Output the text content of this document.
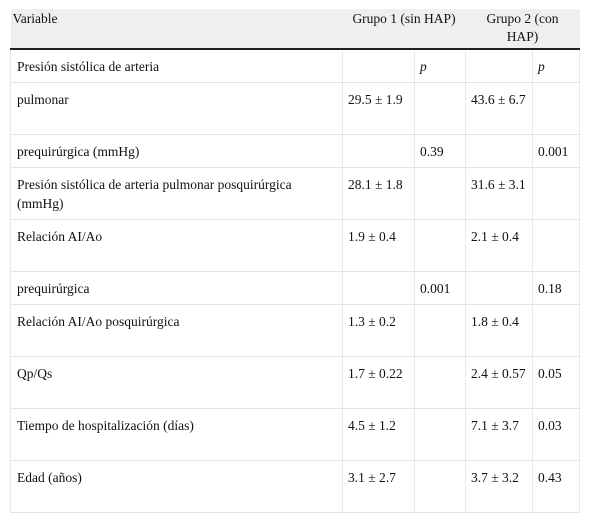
Variable	Grupo 1 (sin HAP)		Grupo 2 (con HAP)	
Presión sistólica de arteria		p		p
pulmonar	29.5 ± 1.9		43.6 ± 6.7	
prequirúrgica (mmHg)		0.39		0.001
Presión sistólica de arteria pulmonar posquirúrgica (mmHg)	28.1 ± 1.8		31.6 ± 3.1	
Relación AI/Ao	1.9 ± 0.4		2.1 ± 0.4	
prequirúrgica		0.001		0.18
Relación AI/Ao posquirúrgica	1.3 ± 0.2		1.8 ± 0.4	
Qp/Qs	1.7 ± 0.22		2.4 ± 0.57	0.05
Tiempo de hospitalización (días)	4.5 ± 1.2		7.1 ± 3.7	0.03
Edad (años)	3.1 ± 2.7		3.7 ± 3.2	0.43
